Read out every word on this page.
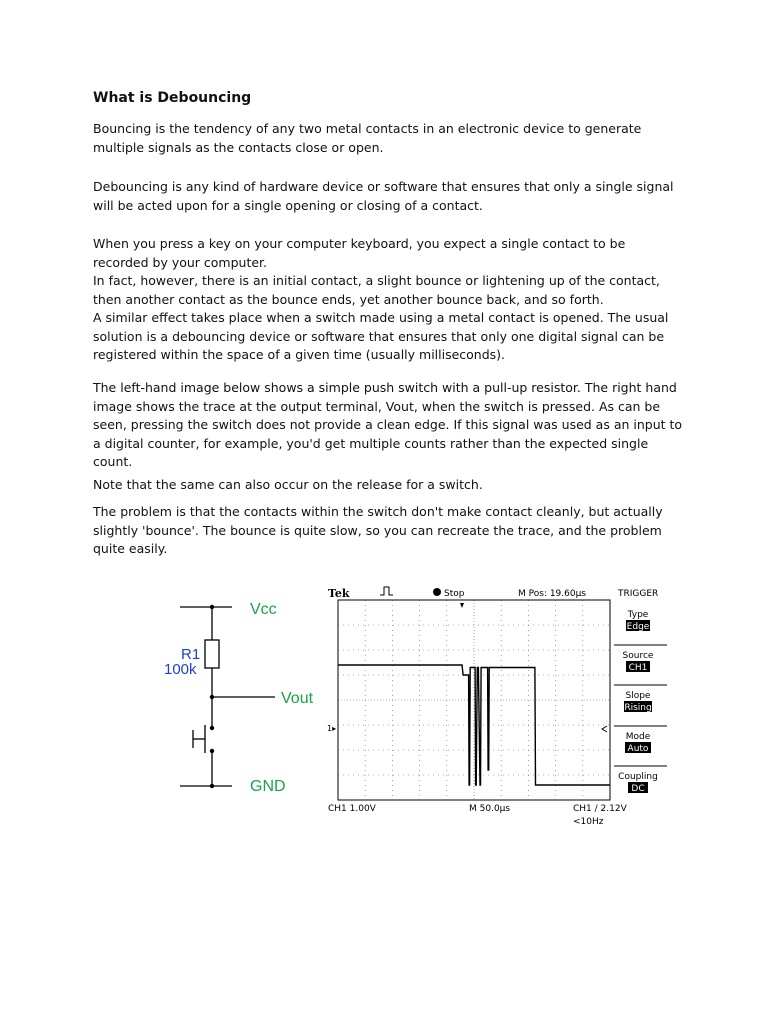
What is Debouncing

Bouncing is the tendency of any two metal contacts in an electronic device to generate
multiple signals as the contacts close or open.

Debouncing is any kind of hardware device or software that ensures that only a single signal
will be acted upon for a single opening or closing of a contact.

When you press a key on your computer keyboard, you expect a single contact to be
recorded by your computer.
In fact, however, there is an initial contact, a slight bounce or lightening up of the contact,
then another contact as the bounce ends, yet another bounce back, and so forth.
A similar effect takes place when a switch made using a metal contact is opened. The usual
solution is a debouncing device or software that ensures that only one digital signal can be
registered within the space of a given time (usually milliseconds).

The left-hand image below shows a simple push switch with a pull-up resistor. The right hand
image shows the trace at the output terminal, Vout, when the switch is pressed. As can be
seen, pressing the switch does not provide a clean edge. If this signal was used as an input to
a digital counter, for example, you'd get multiple counts rather than the expected single
count.

Note that the same can also occur on the release for a switch.

The problem is that the contacts within the switch don't make contact cleanly, but actually
slightly 'bounce'. The bounce is quite slow, so you can recreate the trace, and the problem
quite easily.

Vcc
R1
100k
Vout
GND
Tek	Stop	M Pos: 19.60µs	TRIGGER
1▸
Type
Edge
Source
CH1
Slope
Rising
Mode
Auto
Coupling
DC
CH1 1.00V	M 50.0µs	CH1 ∕ 2.12V
<10Hz
